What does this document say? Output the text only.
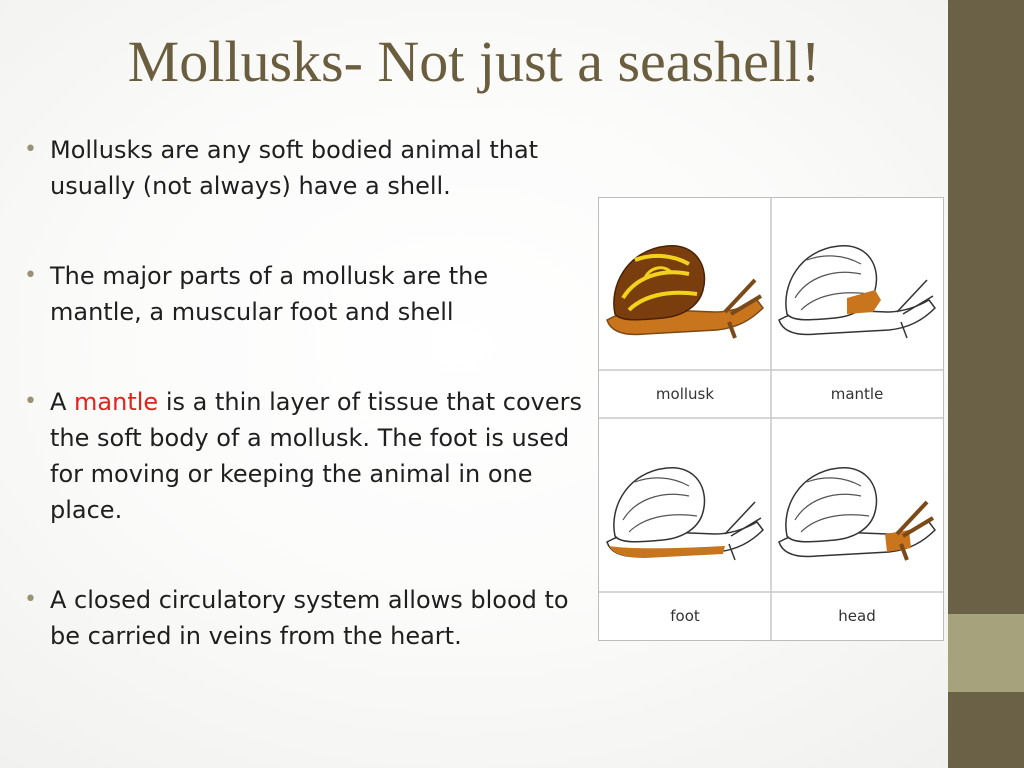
Mollusks- Not just a seashell!
• Mollusks are any soft bodied animal that usually (not always) have a shell.
• The major parts of a mollusk are the mantle, a muscular foot and shell
• A mantle is a thin layer of tissue that covers the soft body of a mollusk. The foot is used for moving or keeping the animal in one place.
• A closed circulatory system allows blood to be carried in veins from the heart.
mollusk	mantle
foot	head
